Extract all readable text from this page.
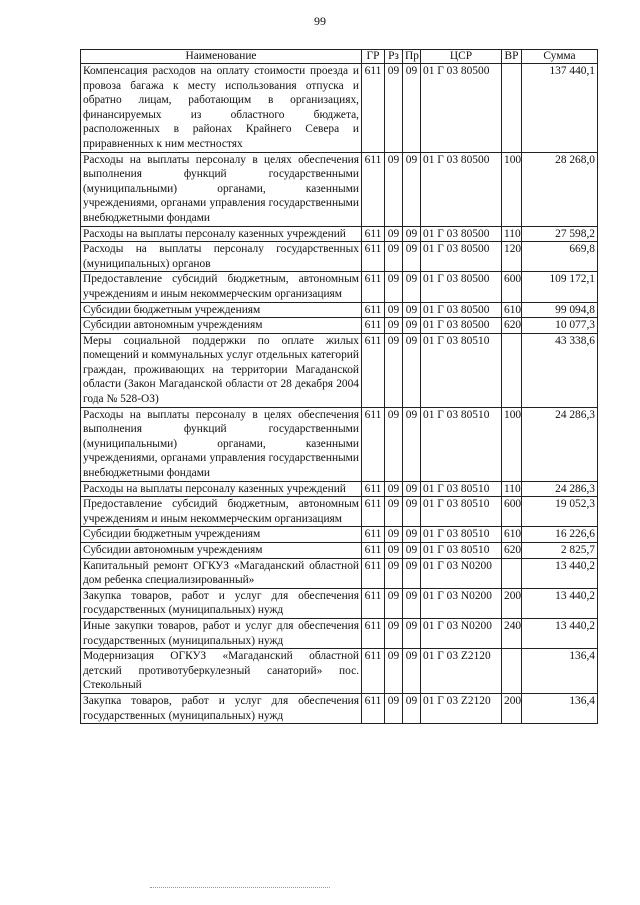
99
Наименование	ГР	Рз	Пр	ЦСР	ВР	Сумма
Компенсация расходов на оплату стоимости проезда и провоза багажа к месту использования отпуска и обратно лицам, работающим в организациях, финансируемых из областного бюджета, расположенных в районах Крайнего Севера и приравненных к ним местностях	611	09	09	01 Г 03 80500		137 440,1
Расходы на выплаты персоналу в целях обеспечения выполнения функций государственными (муниципальными) органами, казенными учреждениями, органами управления государственными внебюджетными фондами	611	09	09	01 Г 03 80500	100	28 268,0
Расходы на выплаты персоналу казенных учреждений	611	09	09	01 Г 03 80500	110	27 598,2
Расходы на выплаты персоналу государственных (муниципальных) органов	611	09	09	01 Г 03 80500	120	669,8
Предоставление субсидий бюджетным, автономным учреждениям и иным некоммерческим организациям	611	09	09	01 Г 03 80500	600	109 172,1
Субсидии бюджетным учреждениям	611	09	09	01 Г 03 80500	610	99 094,8
Субсидии автономным учреждениям	611	09	09	01 Г 03 80500	620	10 077,3
Меры социальной поддержки по оплате жилых помещений и коммунальных услуг отдельных категорий граждан, проживающих на территории Магаданской области (Закон Магаданской области от 28 декабря 2004 года № 528-ОЗ)	611	09	09	01 Г 03 80510		43 338,6
Расходы на выплаты персоналу в целях обеспечения выполнения функций государственными (муниципальными) органами, казенными учреждениями, органами управления государственными внебюджетными фондами	611	09	09	01 Г 03 80510	100	24 286,3
Расходы на выплаты персоналу казенных учреждений	611	09	09	01 Г 03 80510	110	24 286,3
Предоставление субсидий бюджетным, автономным учреждениям и иным некоммерческим организациям	611	09	09	01 Г 03 80510	600	19 052,3
Субсидии бюджетным учреждениям	611	09	09	01 Г 03 80510	610	16 226,6
Субсидии автономным учреждениям	611	09	09	01 Г 03 80510	620	2 825,7
Капитальный ремонт ОГКУЗ «Магаданский областной дом ребенка специализированный»	611	09	09	01 Г 03 N0200		13 440,2
Закупка товаров, работ и услуг для обеспечения государственных (муниципальных) нужд	611	09	09	01 Г 03 N0200	200	13 440,2
Иные закупки товаров, работ и услуг для обеспечения государственных (муниципальных) нужд	611	09	09	01 Г 03 N0200	240	13 440,2
Модернизация ОГКУЗ «Магаданский областной детский противотуберкулезный санаторий» пос. Стекольный	611	09	09	01 Г 03 Z2120		136,4
Закупка товаров, работ и услуг для обеспечения государственных (муниципальных) нужд	611	09	09	01 Г 03 Z2120	200	136,4
